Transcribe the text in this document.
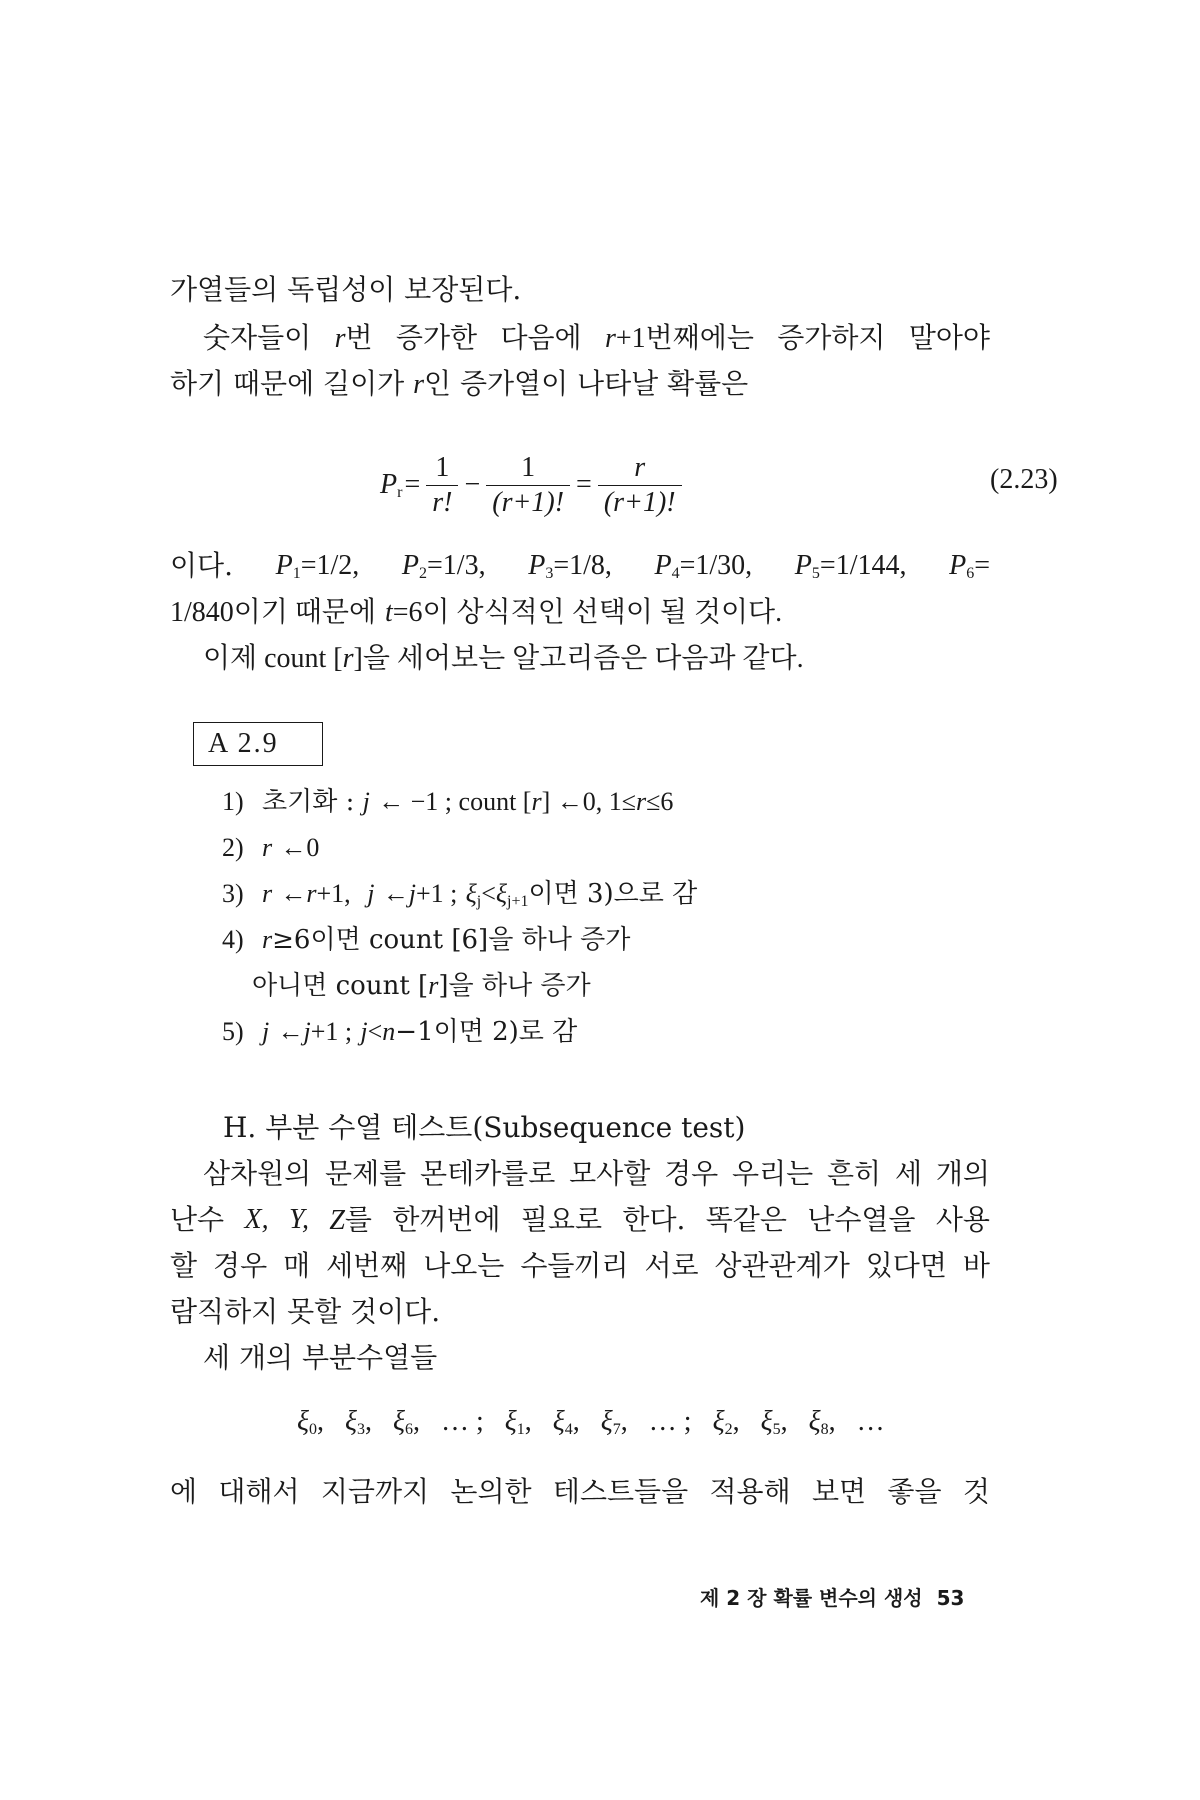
가열들의 독립성이 보장된다.
숫자들이 r번 증가한 다음에 r+1번째에는 증가하지 말아야
하기 때문에 길이가 r인 증가열이 나타날 확률은
$P_r = \frac{1}{r!} - \frac{1}{(r+1)!} = \frac{r}{(r+1)!}$	(2.23)
이다. $P_1=1/2$, $P_2=1/3$, $P_3=1/8$, $P_4=1/30$, $P_5=1/144$, $P_6=$
1/840이기 때문에 t=6이 상식적인 선택이 될 것이다.
이제 count [r]을 세어보는 알고리즘은 다음과 같다.
A 2.9
1) 초기화 : j ← −1 ; count [r] ←0, 1≤r≤6
2) r ←0
3) r ←r+1, j ←j+1 ; $\xi_j<\xi_{j+1}$이면 3)으로 감
4) r≥6이면 count [6]을 하나 증가
아니면 count [r]을 하나 증가
5) j ←j+1 ; j<n−1이면 2)로 감
H. 부분 수열 테스트(Subsequence test)
삼차원의 문제를 몬테카를로 모사할 경우 우리는 흔히 세 개의
난수 X, Y, Z를 한꺼번에 필요로 한다. 똑같은 난수열을 사용
할 경우 매 세번째 나오는 수들끼리 서로 상관관계가 있다면 바
람직하지 못할 것이다.
세 개의 부분수열들
$\xi_0$,   $\xi_3$,   $\xi_6$,   … ; $\xi_1$,   $\xi_4$,   $\xi_7$,   … ; $\xi_2$,   $\xi_5$,   $\xi_8$,   …
에 대해서 지금까지 논의한 테스트들을 적용해 보면 좋을 것
제 2 장 확률 변수의 생성 53
